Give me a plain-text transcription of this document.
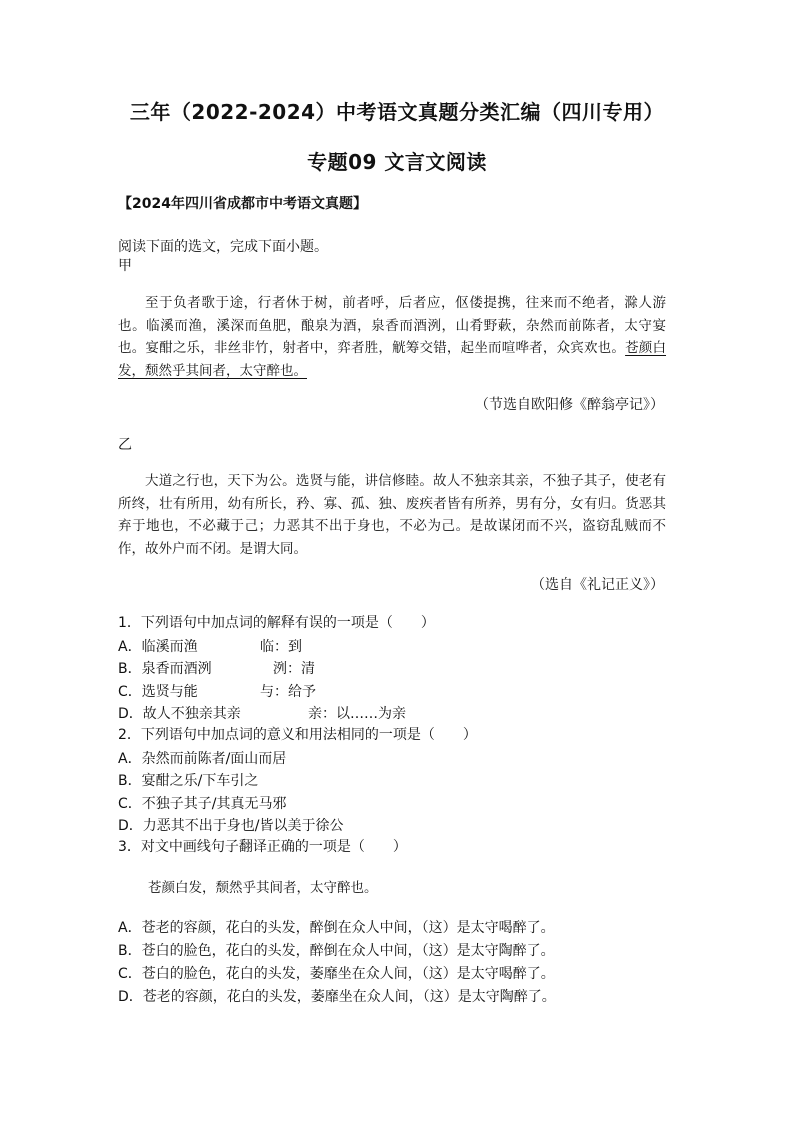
三年（2022-2024）中考语文真题分类汇编（四川专用）
专题09 文言文阅读
【2024年四川省成都市中考语文真题】
阅读下面的选文，完成下面小题。
甲

至于负者歌于途，行者休于树，前者呼，后者应，伛偻提携，往来而不绝者，滁人游也。临溪而渔，溪深而鱼肥，酿泉为酒，泉香而酒洌，山肴野蔌，杂然而前陈者，太守宴也。宴酣之乐，非丝非竹，射者中，弈者胜，觥筹交错，起坐而喧哗者，众宾欢也。苍颜白发，颓然乎其间者，太守醉也。

（节选自欧阳修《醉翁亭记》）
乙

大道之行也，天下为公。选贤与能，讲信修睦。故人不独亲其亲，不独子其子，使老有所终，壮有所用，幼有所长，矜、寡、孤、独、废疾者皆有所养，男有分，女有归。货恶其弃于地也，不必藏于己；力恶其不出于身也，不必为己。是故谋闭而不兴，盗窃乱贼而不作，故外户而不闭。是谓大同。

（选自《礼记正义》）
1．下列语句中加点词的解释有误的一项是（　　）
A．临溪而渔	临：到
B．泉香而酒洌	洌：清
C．选贤与能	与：给予
D．故人不独亲其亲	亲：以……为亲
2．下列语句中加点词的意义和用法相同的一项是（　　）
A．杂然而前陈者/面山而居
B．宴酣之乐/下车引之
C．不独子其子/其真无马邪
D．力恶其不出于身也/皆以美于徐公
3．对文中画线句子翻译正确的一项是（　　）
苍颜白发，颓然乎其间者，太守醉也。
A．苍老的容颜，花白的头发，醉倒在众人中间，（这）是太守喝醉了。
B．苍白的脸色，花白的头发，醉倒在众人中间，（这）是太守陶醉了。
C．苍白的脸色，花白的头发，萎靡坐在众人间，（这）是太守喝醉了。
D．苍老的容颜，花白的头发，萎靡坐在众人间，（这）是太守陶醉了。
